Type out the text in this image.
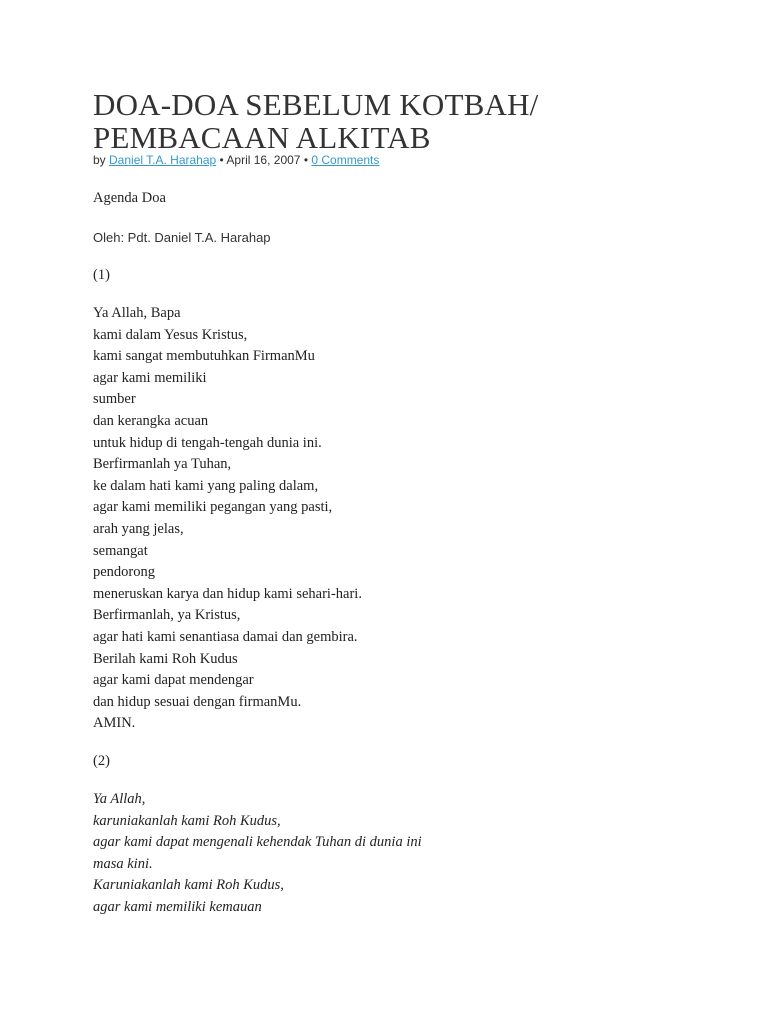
DOA-DOA SEBELUM KOTBAH/
PEMBACAAN ALKITAB
by Daniel T.A. Harahap • April 16, 2007 • 0 Comments
Agenda Doa
Oleh: Pdt. Daniel T.A. Harahap
(1)
Ya Allah, Bapa
kami dalam Yesus Kristus,
kami sangat membutuhkan FirmanMu
agar kami memiliki
sumber
dan kerangka acuan
untuk hidup di tengah-tengah dunia ini.
Berfirmanlah ya Tuhan,
ke dalam hati kami yang paling dalam,
agar kami memiliki pegangan yang pasti,
arah yang jelas,
semangat
pendorong
meneruskan karya dan hidup kami sehari-hari.
Berfirmanlah, ya Kristus,
agar hati kami senantiasa damai dan gembira.
Berilah kami Roh Kudus
agar kami dapat mendengar
dan hidup sesuai dengan firmanMu.
AMIN.
(2)
Ya Allah,
karuniakanlah kami Roh Kudus,
agar kami dapat mengenali kehendak Tuhan di dunia ini
masa kini.
Karuniakanlah kami Roh Kudus,
agar kami memiliki kemauan
